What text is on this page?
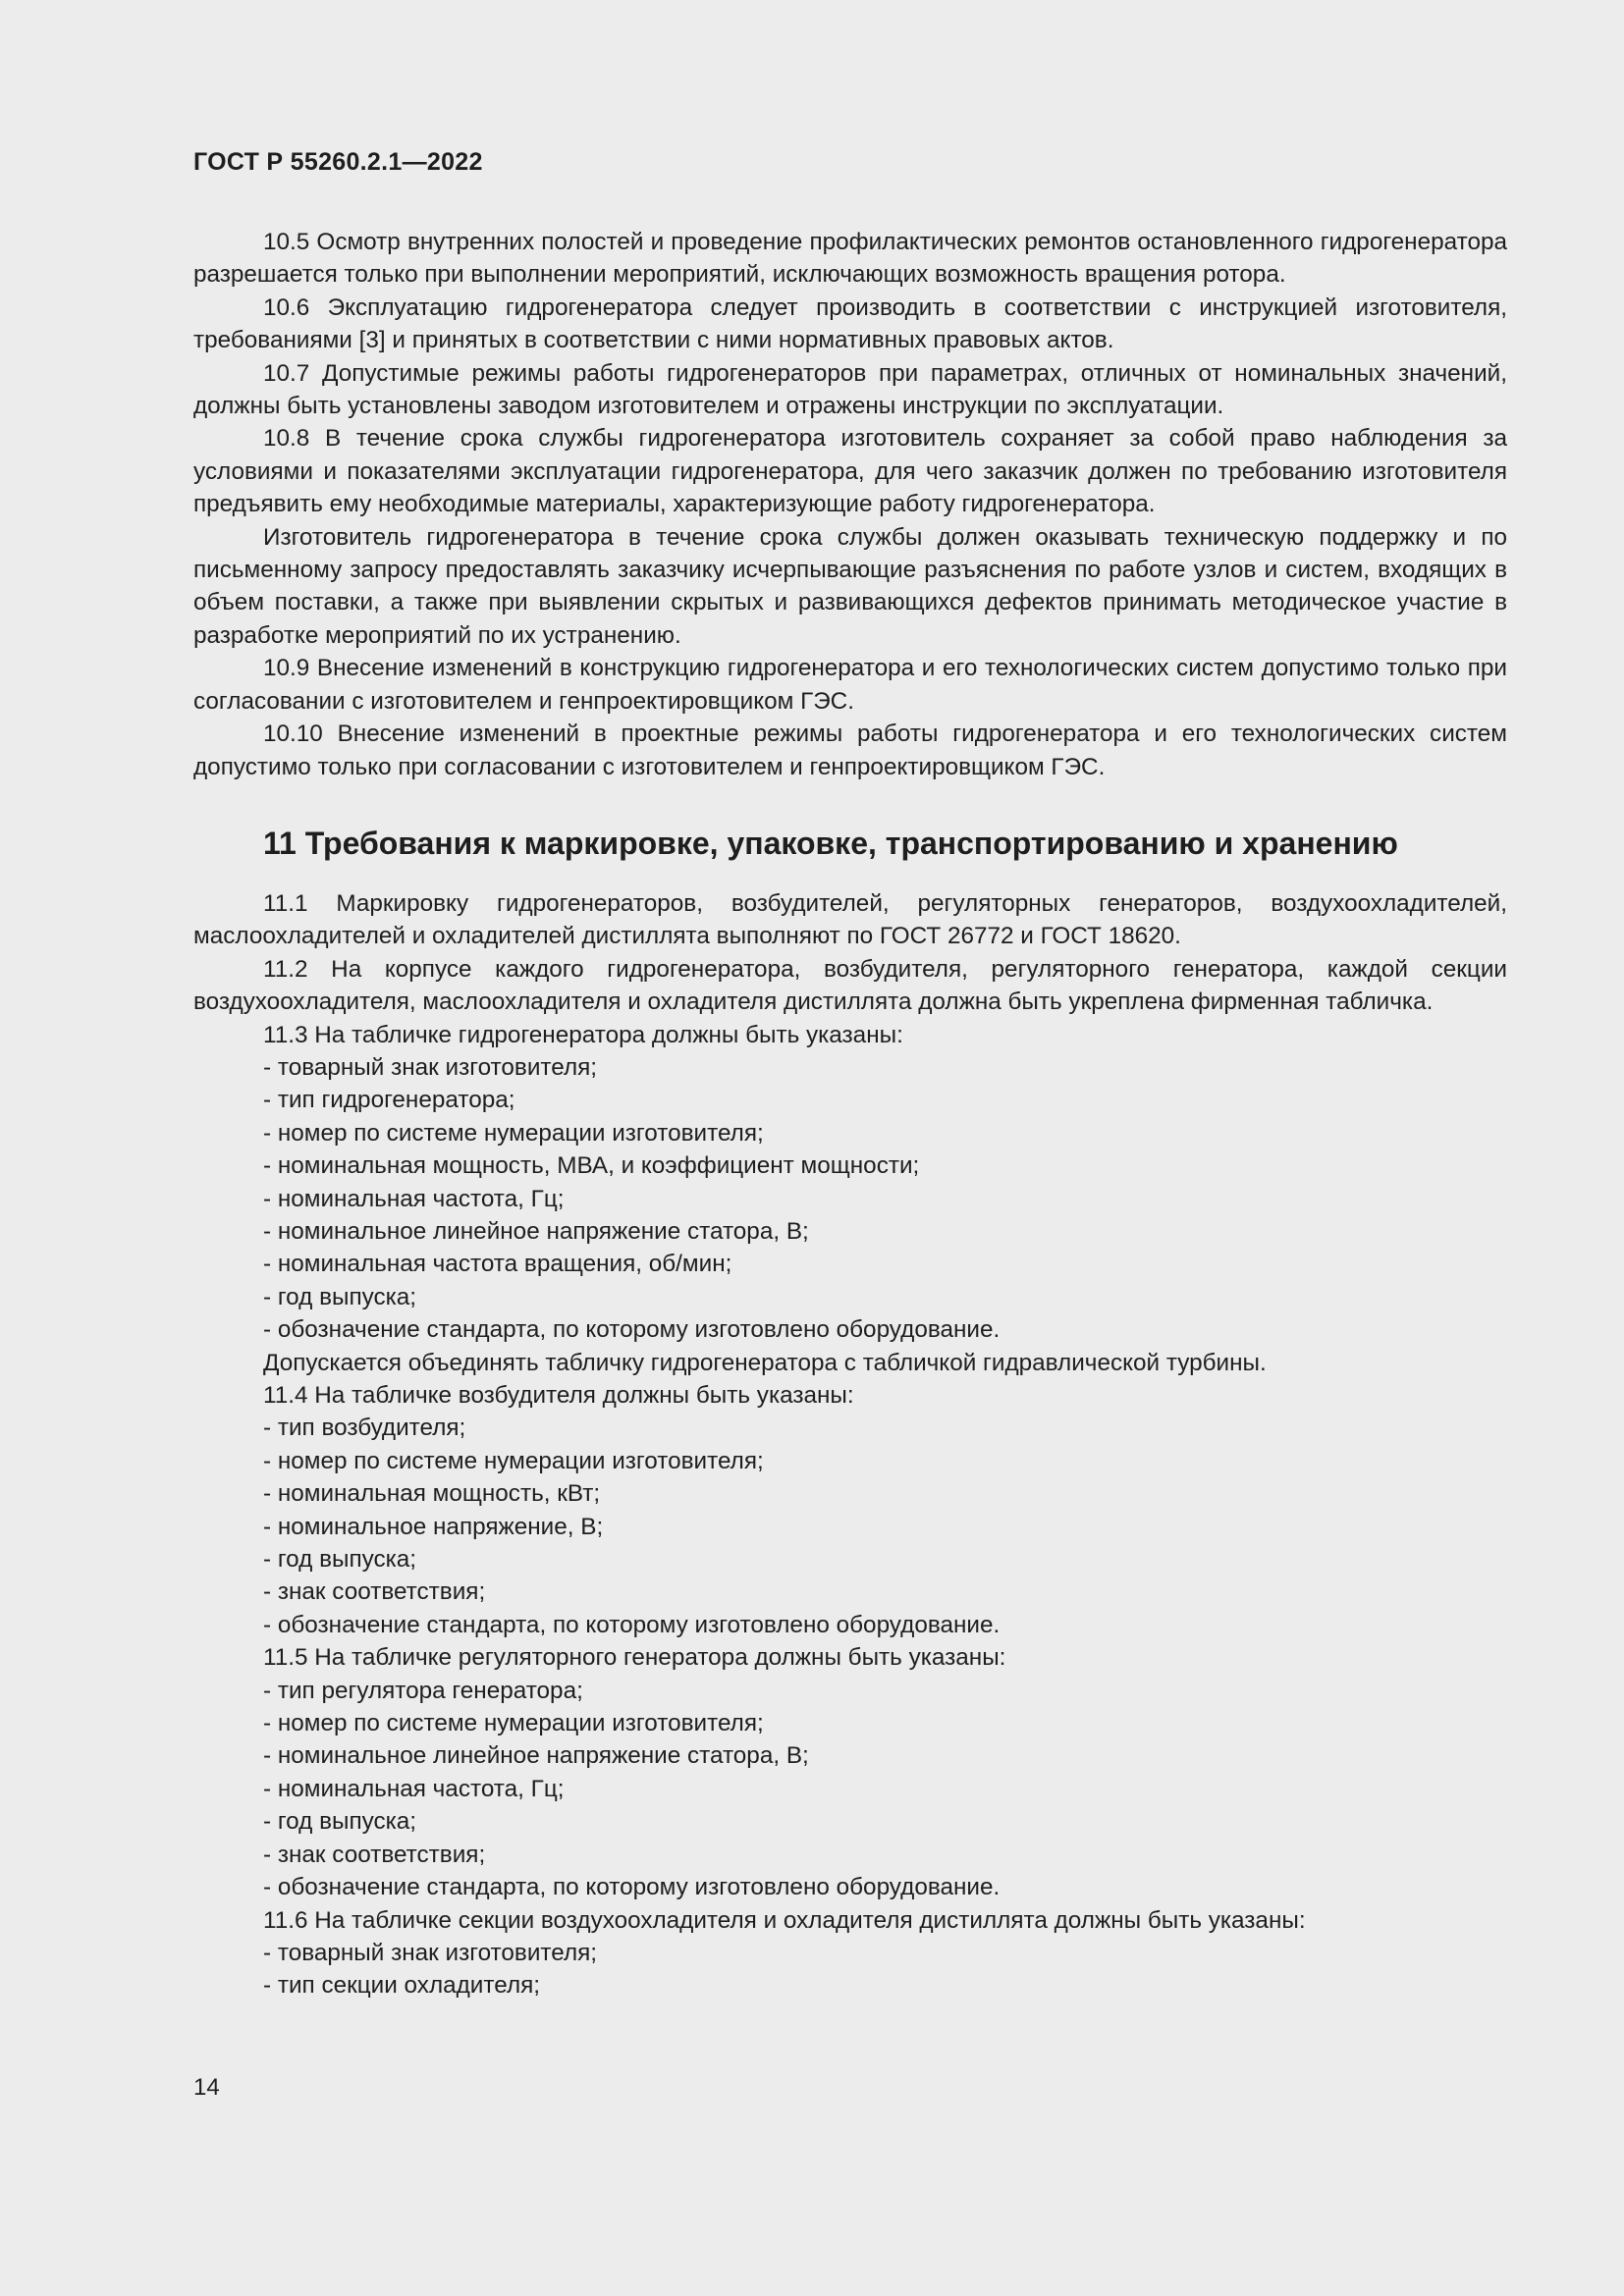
ГОСТ Р 55260.2.1—2022
10.5 Осмотр внутренних полостей и проведение профилактических ремонтов остановленного гидрогенератора разрешается только при выполнении мероприятий, исключающих возможность вращения ротора.
10.6 Эксплуатацию гидрогенератора следует производить в соответствии с инструкцией изготовителя, требованиями [3] и принятых в соответствии с ними нормативных правовых актов.
10.7 Допустимые режимы работы гидрогенераторов при параметрах, отличных от номинальных значений, должны быть установлены заводом изготовителем и отражены инструкции по эксплуатации.
10.8 В течение срока службы гидрогенератора изготовитель сохраняет за собой право наблюдения за условиями и показателями эксплуатации гидрогенератора, для чего заказчик должен по требованию изготовителя предъявить ему необходимые материалы, характеризующие работу гидрогенератора.
Изготовитель гидрогенератора в течение срока службы должен оказывать техническую поддержку и по письменному запросу предоставлять заказчику исчерпывающие разъяснения по работе узлов и систем, входящих в объем поставки, а также при выявлении скрытых и развивающихся дефектов принимать методическое участие в разработке мероприятий по их устранению.
10.9 Внесение изменений в конструкцию гидрогенератора и его технологических систем допустимо только при согласовании с изготовителем и генпроектировщиком ГЭС.
10.10 Внесение изменений в проектные режимы работы гидрогенератора и его технологических систем допустимо только при согласовании с изготовителем и генпроектировщиком ГЭС.
11 Требования к маркировке, упаковке, транспортированию и хранению
11.1 Маркировку гидрогенераторов, возбудителей, регуляторных генераторов, воздухоохладителей, маслоохладителей и охладителей дистиллята выполняют по ГОСТ 26772 и ГОСТ 18620.
11.2 На корпусе каждого гидрогенератора, возбудителя, регуляторного генератора, каждой секции воздухоохладителя, маслоохладителя и охладителя дистиллята должна быть укреплена фирменная табличка.
11.3 На табличке гидрогенератора должны быть указаны:
- товарный знак изготовителя;
- тип гидрогенератора;
- номер по системе нумерации изготовителя;
- номинальная мощность, МВА, и коэффициент мощности;
- номинальная частота, Гц;
- номинальное линейное напряжение статора, В;
- номинальная частота вращения, об/мин;
- год выпуска;
- обозначение стандарта, по которому изготовлено оборудование.
Допускается объединять табличку гидрогенератора с табличкой гидравлической турбины.
11.4 На табличке возбудителя должны быть указаны:
- тип возбудителя;
- номер по системе нумерации изготовителя;
- номинальная мощность, кВт;
- номинальное напряжение, В;
- год выпуска;
- знак соответствия;
- обозначение стандарта, по которому изготовлено оборудование.
11.5 На табличке регуляторного генератора должны быть указаны:
- тип регулятора генератора;
- номер по системе нумерации изготовителя;
- номинальное линейное напряжение статора, В;
- номинальная частота, Гц;
- год выпуска;
- знак соответствия;
- обозначение стандарта, по которому изготовлено оборудование.
11.6 На табличке секции воздухоохладителя и охладителя дистиллята должны быть указаны:
- товарный знак изготовителя;
- тип секции охладителя;
14
